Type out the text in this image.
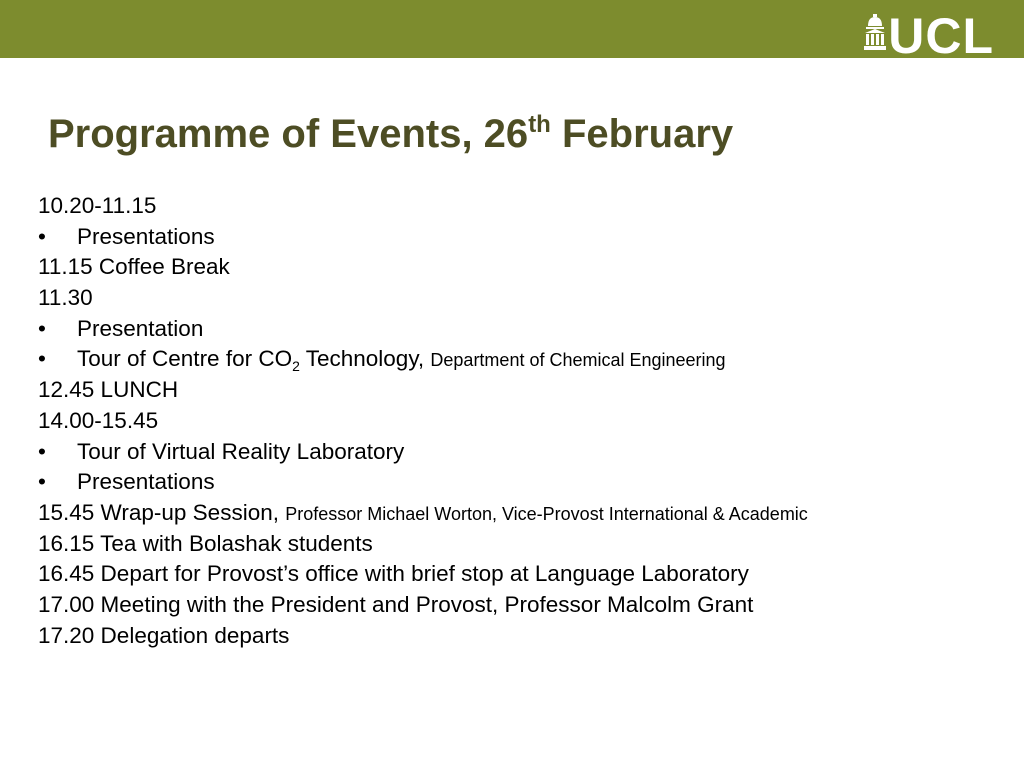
UCL
Programme of Events, 26th February
10.20-11.15
• Presentations
11.15 Coffee Break
11.30
• Presentation
• Tour of Centre for $CO_2$ Technology, Department of Chemical Engineering
12.45 LUNCH
14.00-15.45
• Tour of Virtual Reality Laboratory
• Presentations
15.45 Wrap-up Session, Professor Michael Worton, Vice-Provost International & Academic
16.15 Tea with Bolashak students
16.45 Depart for Provost’s office with brief stop at Language Laboratory
17.00 Meeting with the President and Provost, Professor Malcolm Grant
17.20 Delegation departs
